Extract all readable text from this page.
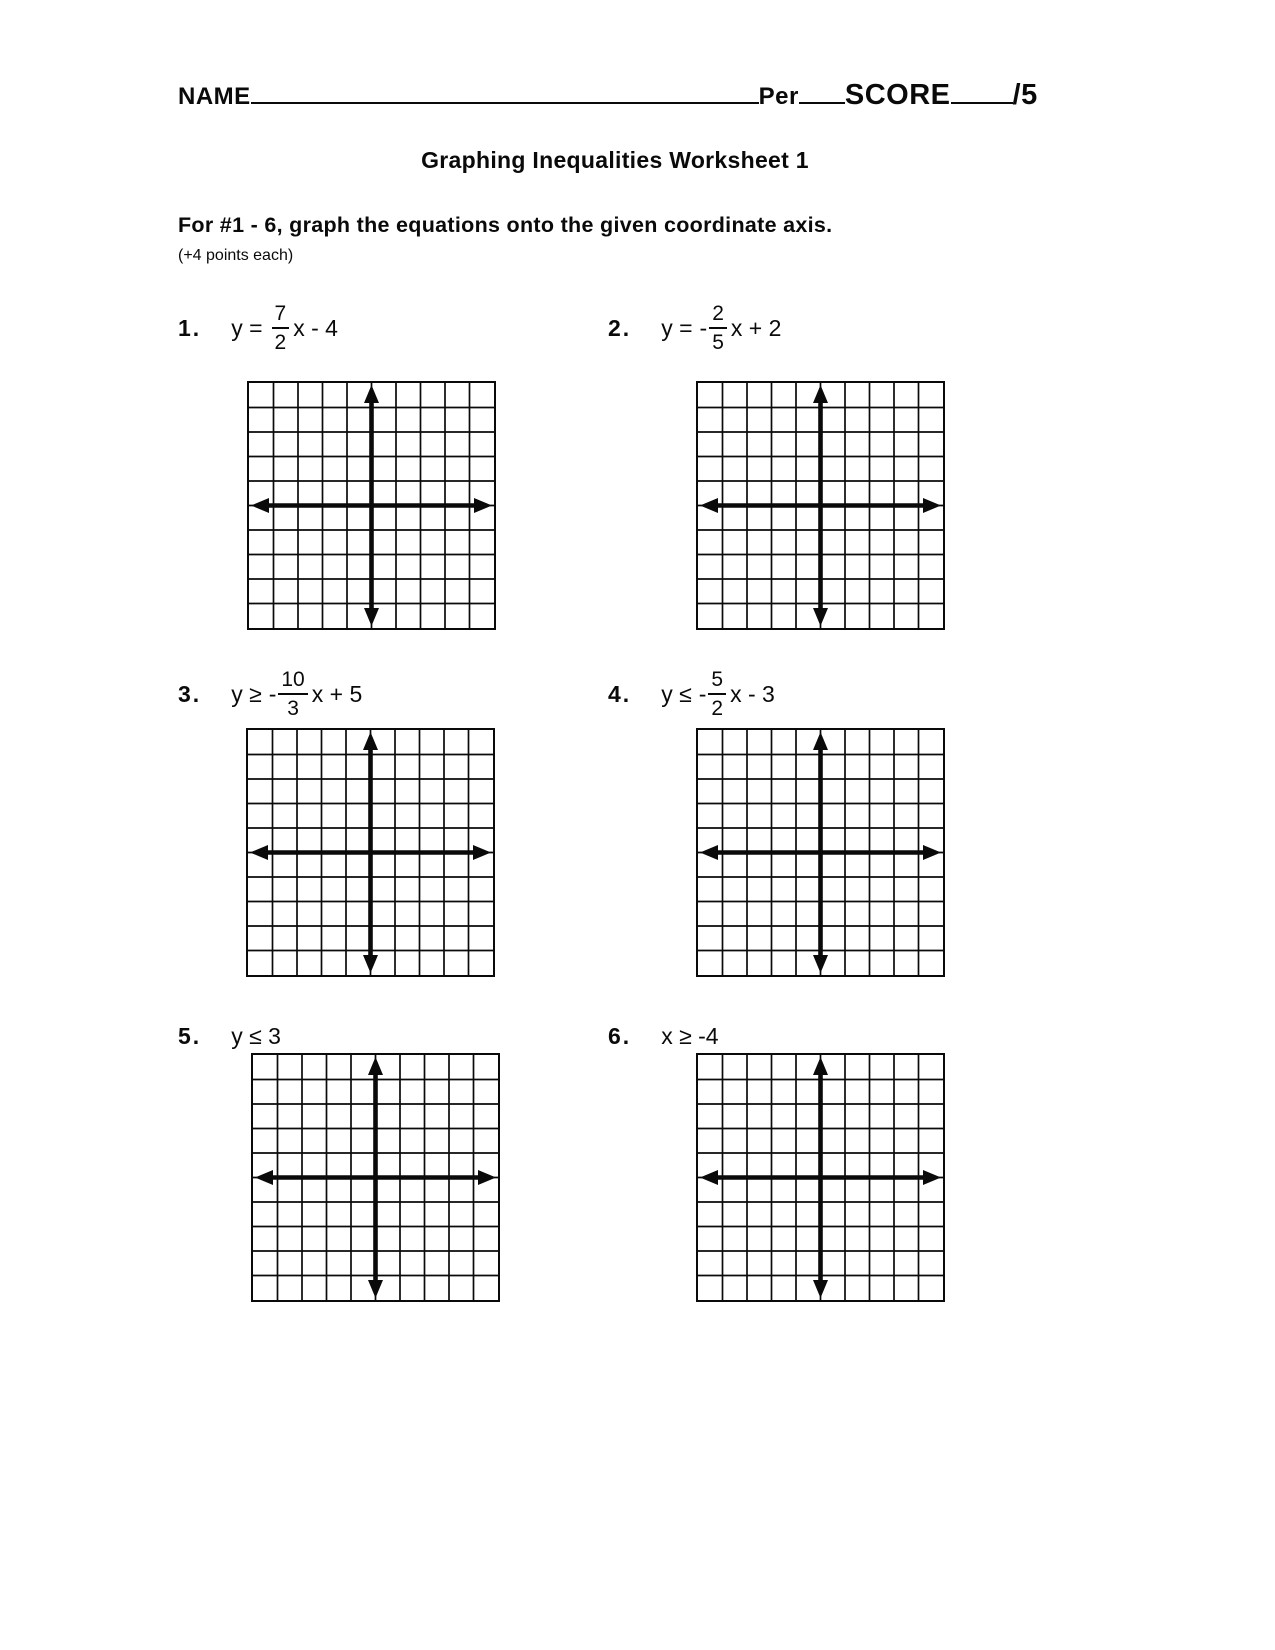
NAME	Per SCORE /5
Graphing Inequalities Worksheet 1
For #1 - 6, graph the equations onto the given coordinate axis.
(+4 points each)
1. $y = \frac{7}{2}$ x - 4	2. y = - $\frac{2}{5}$ x + 2
3. y ≥ - $\frac{10}{3}$ x + 5	4. y ≤ - $\frac{5}{2}$ x - 3
5. y ≤ 3	6. x ≥ -4
